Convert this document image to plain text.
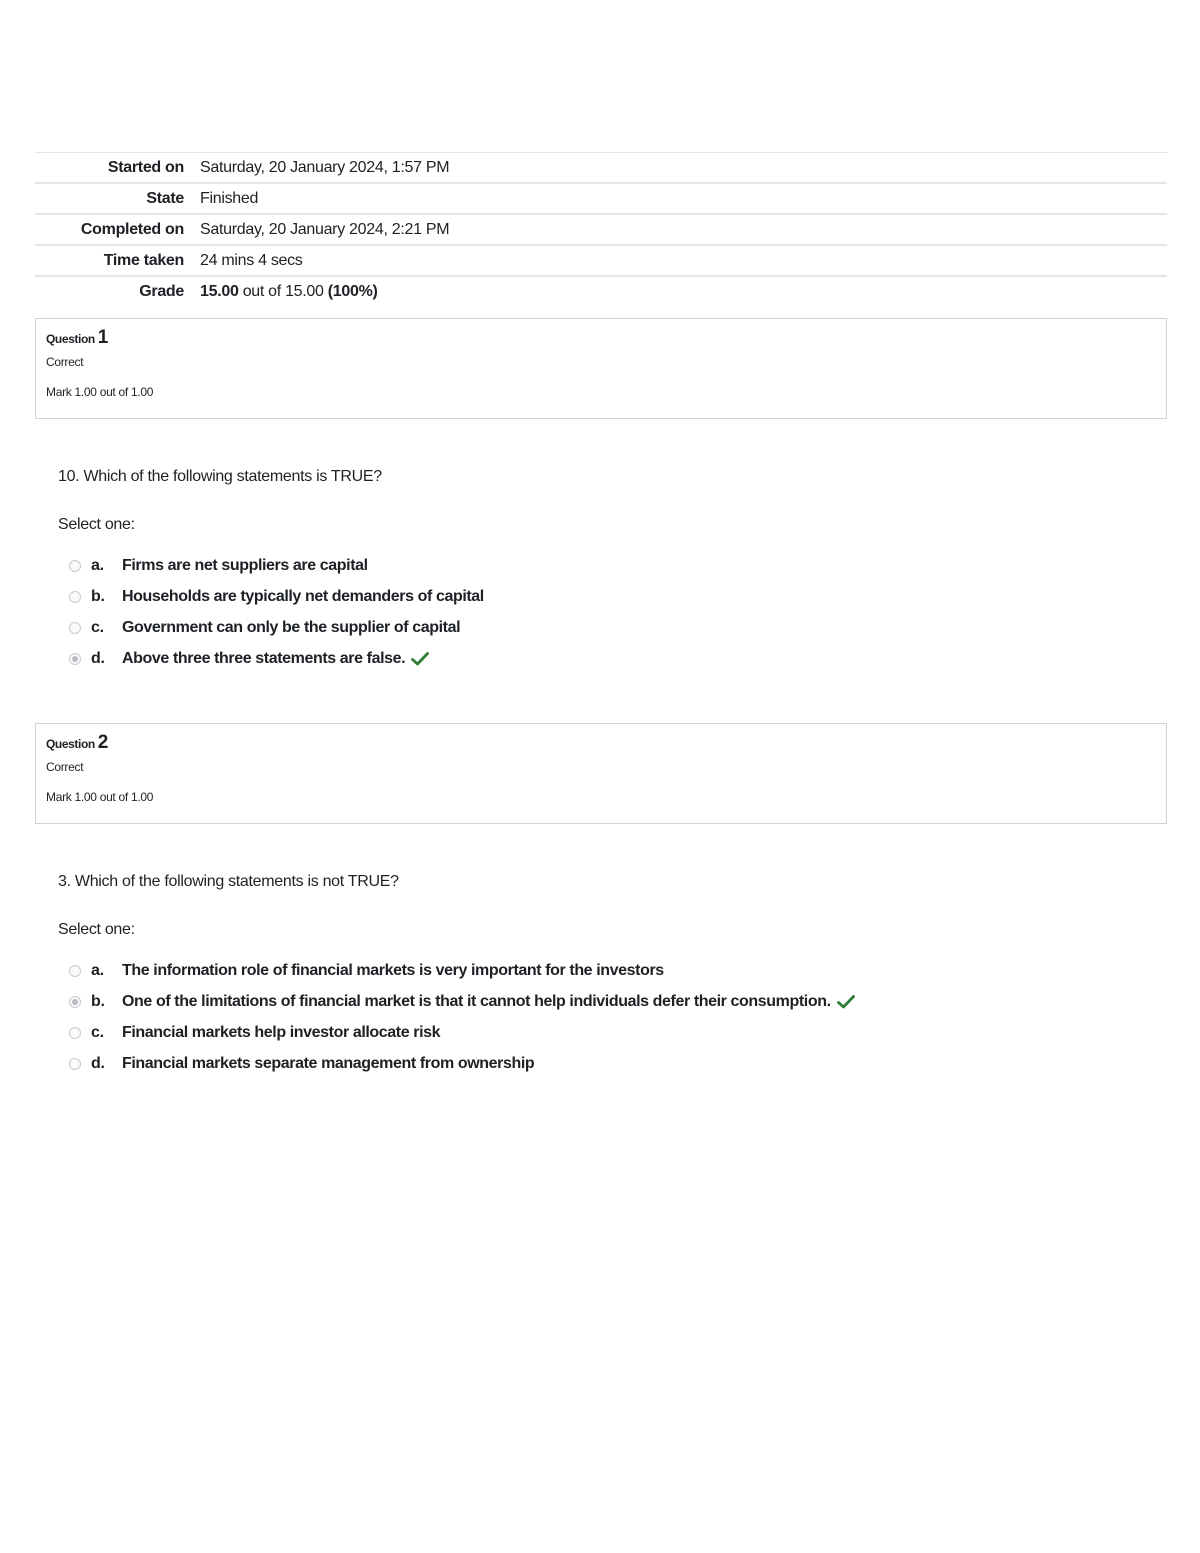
Started on	Saturday, 20 January 2024, 1:57 PM
State	Finished
Completed on	Saturday, 20 January 2024, 2:21 PM
Time taken	24 mins 4 secs
Grade	15.00 out of 15.00 (100%)
Question 1
Correct
Mark 1.00 out of 1.00
10. Which of the following statements is TRUE?
Select one:
a.	Firms are net suppliers are capital
b.	Households are typically net demanders of capital
c.	Government can only be the supplier of capital
d.	Above three three statements are false.
Question 2
Correct
Mark 1.00 out of 1.00
3. Which of the following statements is not TRUE?
Select one:
a.	The information role of financial markets is very important for the investors
b.	One of the limitations of financial market is that it cannot help individuals defer their consumption.
c.	Financial markets help investor allocate risk
d.	Financial markets separate management from ownership
